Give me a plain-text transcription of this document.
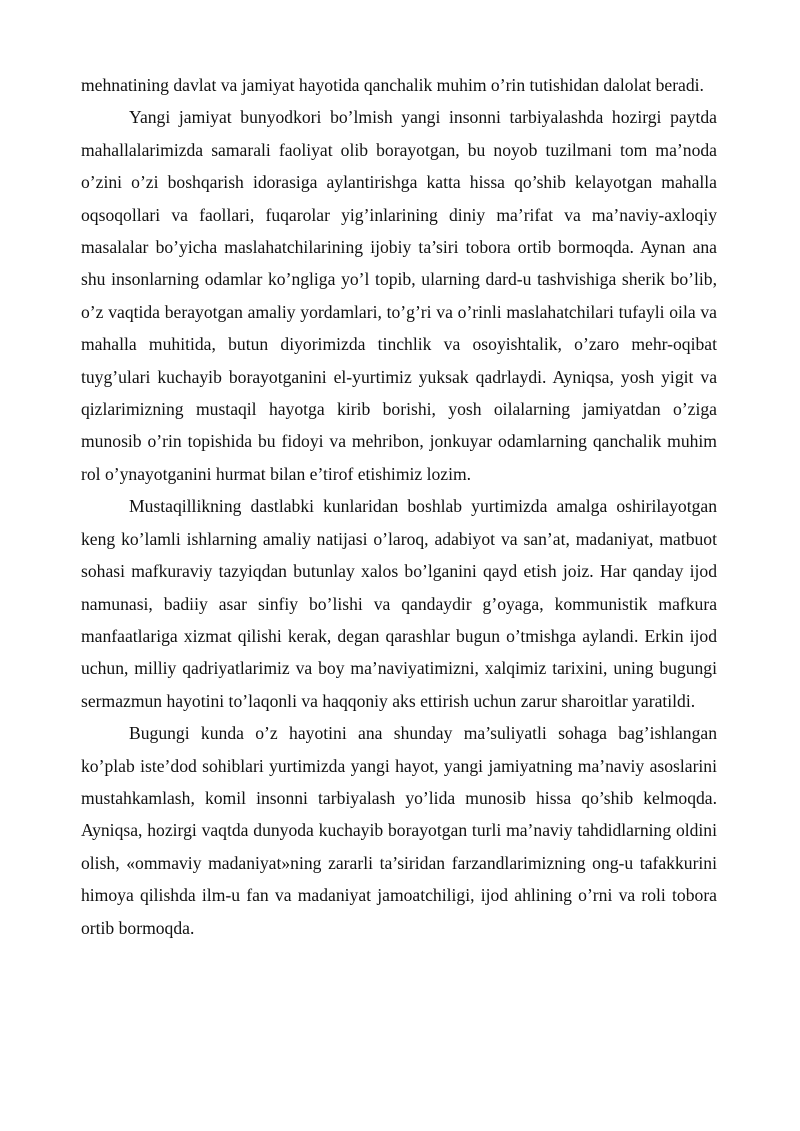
mehnatining davlat va jamiyat hayotida qanchalik muhim o’rin tutishidan dalolat beradi.

Yangi jamiyat bunyodkori bo’lmish yangi insonni tarbiyalashda hozirgi paytda mahallalarimizda samarali faoliyat olib borayotgan, bu noyob tuzilmani tom ma’noda o’zini o’zi boshqarish idorasiga aylantirishga katta hissa qo’shib kelayotgan mahalla oqsoqollari va faollari, fuqarolar yig’inlarining diniy ma’rifat va ma’naviy-axloqiy masalalar bo’yicha maslahatchilarining ijobiy ta’siri tobora ortib bormoqda. Aynan ana shu insonlarning odamlar ko’ngliga yo’l topib, ularning dard-u tashvishiga sherik bo’lib, o’z vaqtida berayotgan amaliy yordamlari, to’g’ri va o’rinli maslahatchilari tufayli oila va mahalla muhitida, butun diyorimizda tinchlik va osoyishtalik, o’zaro mehr-oqibat tuyg’ulari kuchayib borayotganini el-yurtimiz yuksak qadrlaydi. Ayniqsa, yosh yigit va qizlarimizning mustaqil hayotga kirib borishi, yosh oilalarning jamiyatdan o’ziga munosib o’rin topishida bu fidoyi va mehribon, jonkuyar odamlarning qanchalik muhim rol o’ynayotganini hurmat bilan e’tirof etishimiz lozim.

Mustaqillikning dastlabki kunlaridan boshlab yurtimizda amalga oshirilayotgan keng ko’lamli ishlarning amaliy natijasi o’laroq, adabiyot va san’at, madaniyat, matbuot sohasi mafkuraviy tazyiqdan butunlay xalos bo’lganini qayd etish joiz. Har qanday ijod namunasi, badiiy asar sinfiy bo’lishi va qandaydir g’oyaga, kommunistik mafkura manfaatlariga xizmat qilishi kerak, degan qarashlar bugun o’tmishga aylandi. Erkin ijod uchun, milliy qadriyatlarimiz va boy ma’naviyatimizni, xalqimiz tarixini, uning bugungi sermazmun hayotini to’laqonli va haqqoniy aks ettirish uchun zarur sharoitlar yaratildi.

Bugungi kunda o’z hayotini ana shunday ma’suliyatli sohaga bag’ishlangan ko’plab iste’dod sohiblari yurtimizda yangi hayot, yangi jamiyatning ma’naviy asoslarini mustahkamlash, komil insonni tarbiyalash yo’lida munosib hissa qo’shib kelmoqda. Ayniqsa, hozirgi vaqtda dunyoda kuchayib borayotgan turli ma’naviy tahdidlarning oldini olish, «ommaviy madaniyat»ning zararli ta’siridan farzandlarimizning ong-u tafakkurini himoya qilishda ilm-u fan va madaniyat jamoatchiligi, ijod ahlining o’rni va roli tobora ortib bormoqda.
